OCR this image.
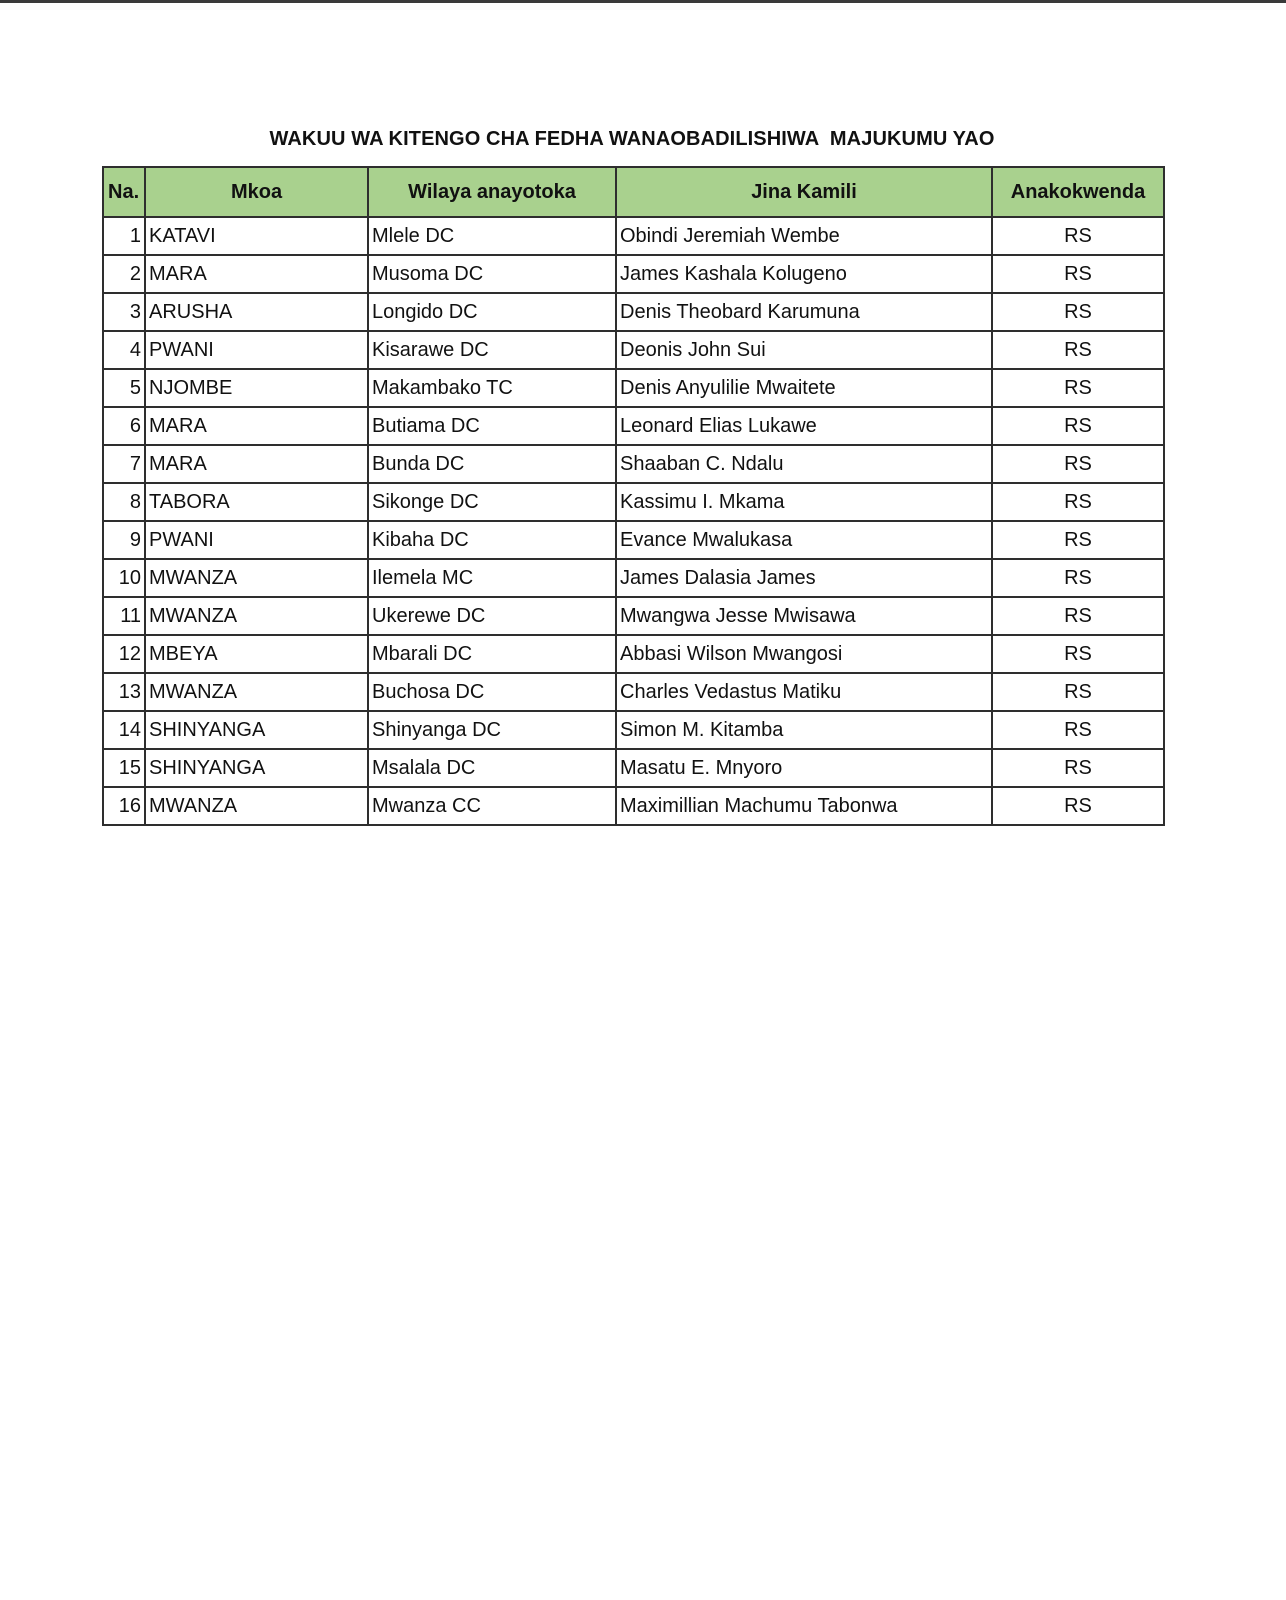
WAKUU WA KITENGO CHA FEDHA WANAOBADILISHIWA  MAJUKUMU YAO
Na.	Mkoa	Wilaya anayotoka	Jina Kamili	Anakokwenda
1	KATAVI	Mlele DC	Obindi Jeremiah Wembe	RS
2	MARA	Musoma DC	James Kashala Kolugeno	RS
3	ARUSHA	Longido DC	Denis Theobard Karumuna	RS
4	PWANI	Kisarawe DC	Deonis John Sui	RS
5	NJOMBE	Makambako TC	Denis Anyulilie Mwaitete	RS
6	MARA	Butiama DC	Leonard Elias Lukawe	RS
7	MARA	Bunda DC	Shaaban C. Ndalu	RS
8	TABORA	Sikonge DC	Kassimu I. Mkama	RS
9	PWANI	Kibaha DC	Evance Mwalukasa	RS
10	MWANZA	Ilemela MC	James Dalasia James	RS
11	MWANZA	Ukerewe DC	Mwangwa Jesse Mwisawa	RS
12	MBEYA	Mbarali DC	Abbasi Wilson Mwangosi	RS
13	MWANZA	Buchosa DC	Charles Vedastus Matiku	RS
14	SHINYANGA	Shinyanga DC	Simon M. Kitamba	RS
15	SHINYANGA	Msalala DC	Masatu E. Mnyoro	RS
16	MWANZA	Mwanza CC	Maximillian Machumu Tabonwa	RS
